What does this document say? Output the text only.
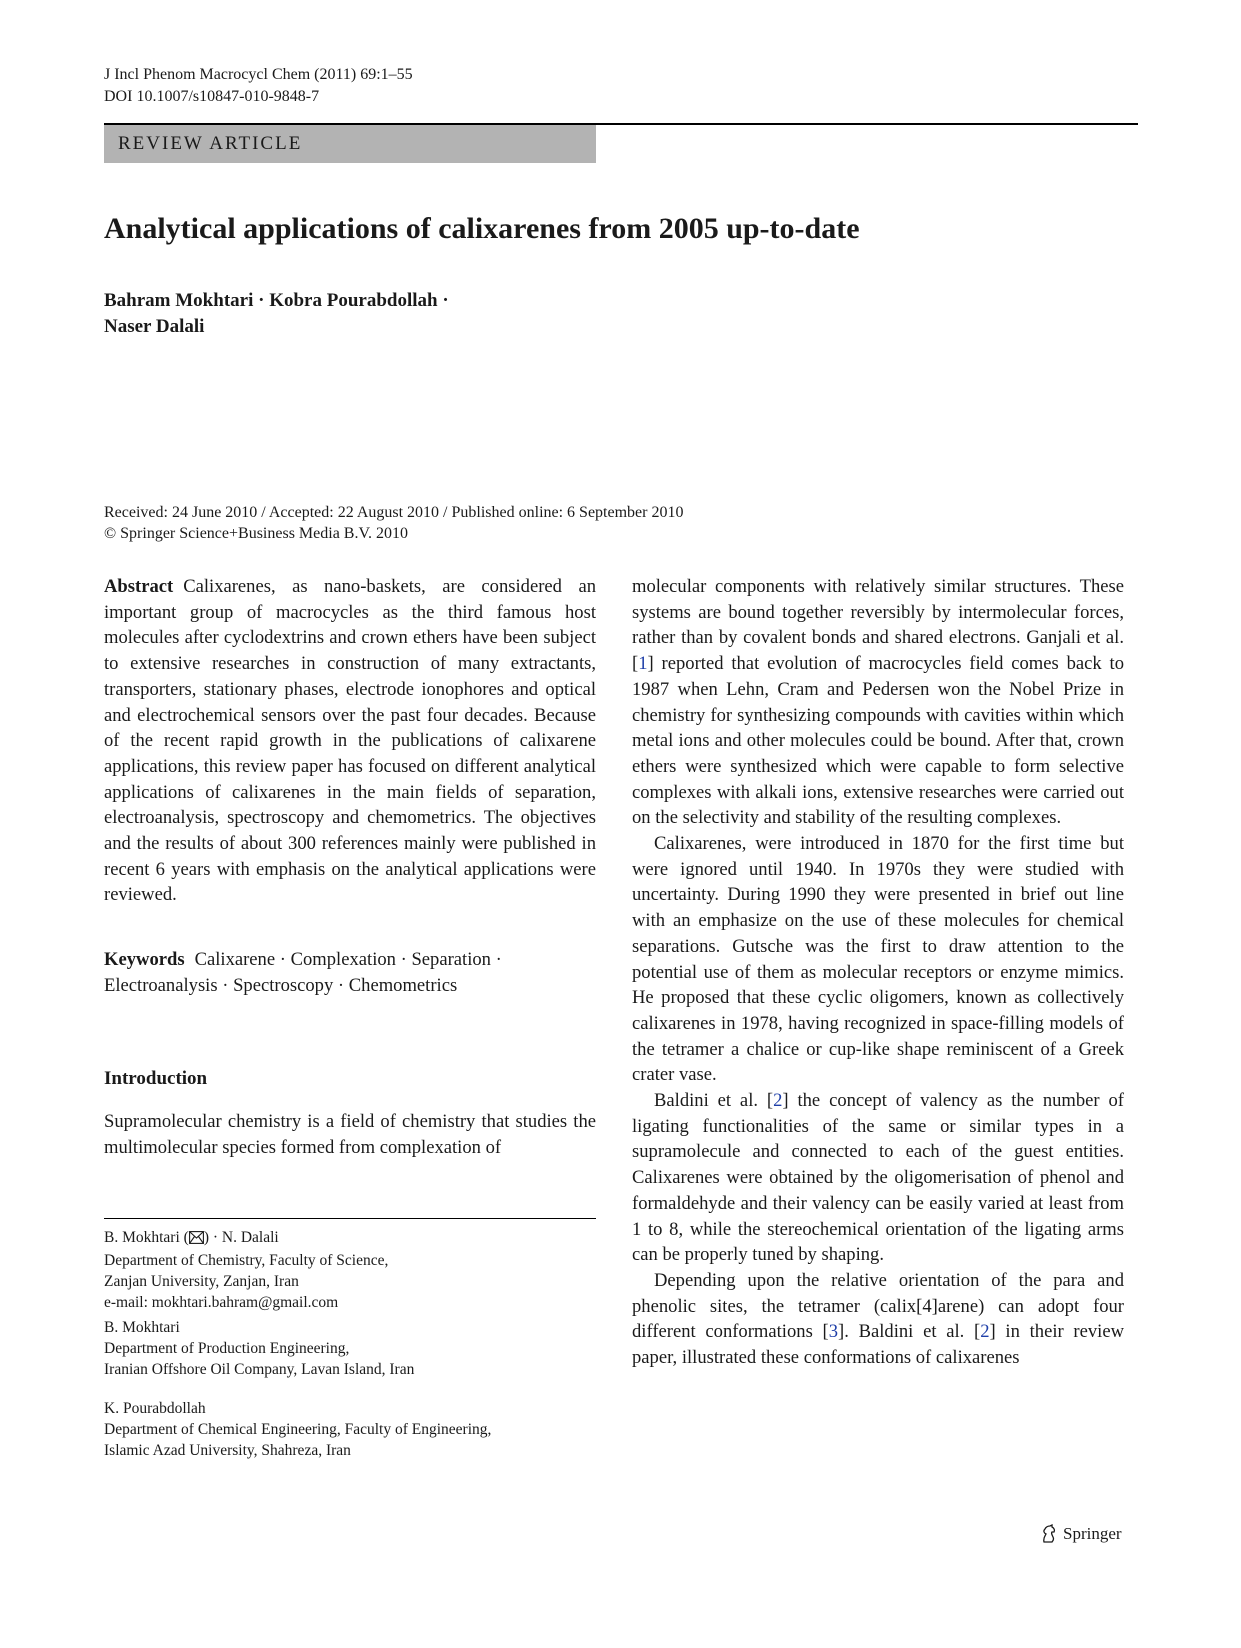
J Incl Phenom Macrocycl Chem (2011) 69:1–55
DOI 10.1007/s10847-010-9848-7
REVIEW ARTICLE
Analytical applications of calixarenes from 2005 up-to-date
Bahram Mokhtari · Kobra Pourabdollah ·
Naser Dalali
Received: 24 June 2010 / Accepted: 22 August 2010 / Published online: 6 September 2010
© Springer Science+Business Media B.V. 2010

Abstract Calixarenes, as nano-baskets, are considered an important group of macrocycles as the third famous host molecules after cyclodextrins and crown ethers have been subject to extensive researches in construction of many extractants, transporters, stationary phases, electrode ionophores and optical and electrochemical sensors over the past four decades. Because of the recent rapid growth in the publications of calixarene applications, this review paper has focused on different analytical applications of calixarenes in the main fields of separation, electroanalysis, spectroscopy and chemometrics. The objectives and the results of about 300 references mainly were published in recent 6 years with emphasis on the analytical applications were reviewed.

Keywords Calixarene · Complexation · Separation · Electroanalysis · Spectroscopy · Chemometrics

Introduction

Supramolecular chemistry is a field of chemistry that studies the multimolecular species formed from complexation of

molecular components with relatively similar structures. These systems are bound together reversibly by intermolecular forces, rather than by covalent bonds and shared electrons. Ganjali et al. [1] reported that evolution of macrocycles field comes back to 1987 when Lehn, Cram and Pedersen won the Nobel Prize in chemistry for synthesizing compounds with cavities within which metal ions and other molecules could be bound. After that, crown ethers were synthesized which were capable to form selective complexes with alkali ions, extensive researches were carried out on the selectivity and stability of the resulting complexes.

Calixarenes, were introduced in 1870 for the first time but were ignored until 1940. In 1970s they were studied with uncertainty. During 1990 they were presented in brief out line with an emphasize on the use of these molecules for chemical separations. Gutsche was the first to draw attention to the potential use of them as molecular receptors or enzyme mimics. He proposed that these cyclic oligomers, known as collectively calixarenes in 1978, having recognized in space-filling models of the tetramer a chalice or cup-like shape reminiscent of a Greek crater vase.

Baldini et al. [2] the concept of valency as the number of ligating functionalities of the same or similar types in a supramolecule and connected to each of the guest entities. Calixarenes were obtained by the oligomerisation of phenol and formaldehyde and their valency can be easily varied at least from 1 to 8, while the stereochemical orientation of the ligating arms can be properly tuned by shaping.

Depending upon the relative orientation of the para and phenolic sites, the tetramer (calix[4]arene) can adopt four different conformations [3]. Baldini et al. [2] in their review paper, illustrated these conformations of calixarenes

B. Mokhtari ( ) · N. Dalali

Department of Chemistry, Faculty of Science,

Zanjan University, Zanjan, Iran

e-mail: mokhtari.bahram@gmail.com

B. Mokhtari

Department of Production Engineering,

Iranian Offshore Oil Company, Lavan Island, Iran

K. Pourabdollah

Department of Chemical Engineering, Faculty of Engineering,

Islamic Azad University, Shahreza, Iran

Springer
